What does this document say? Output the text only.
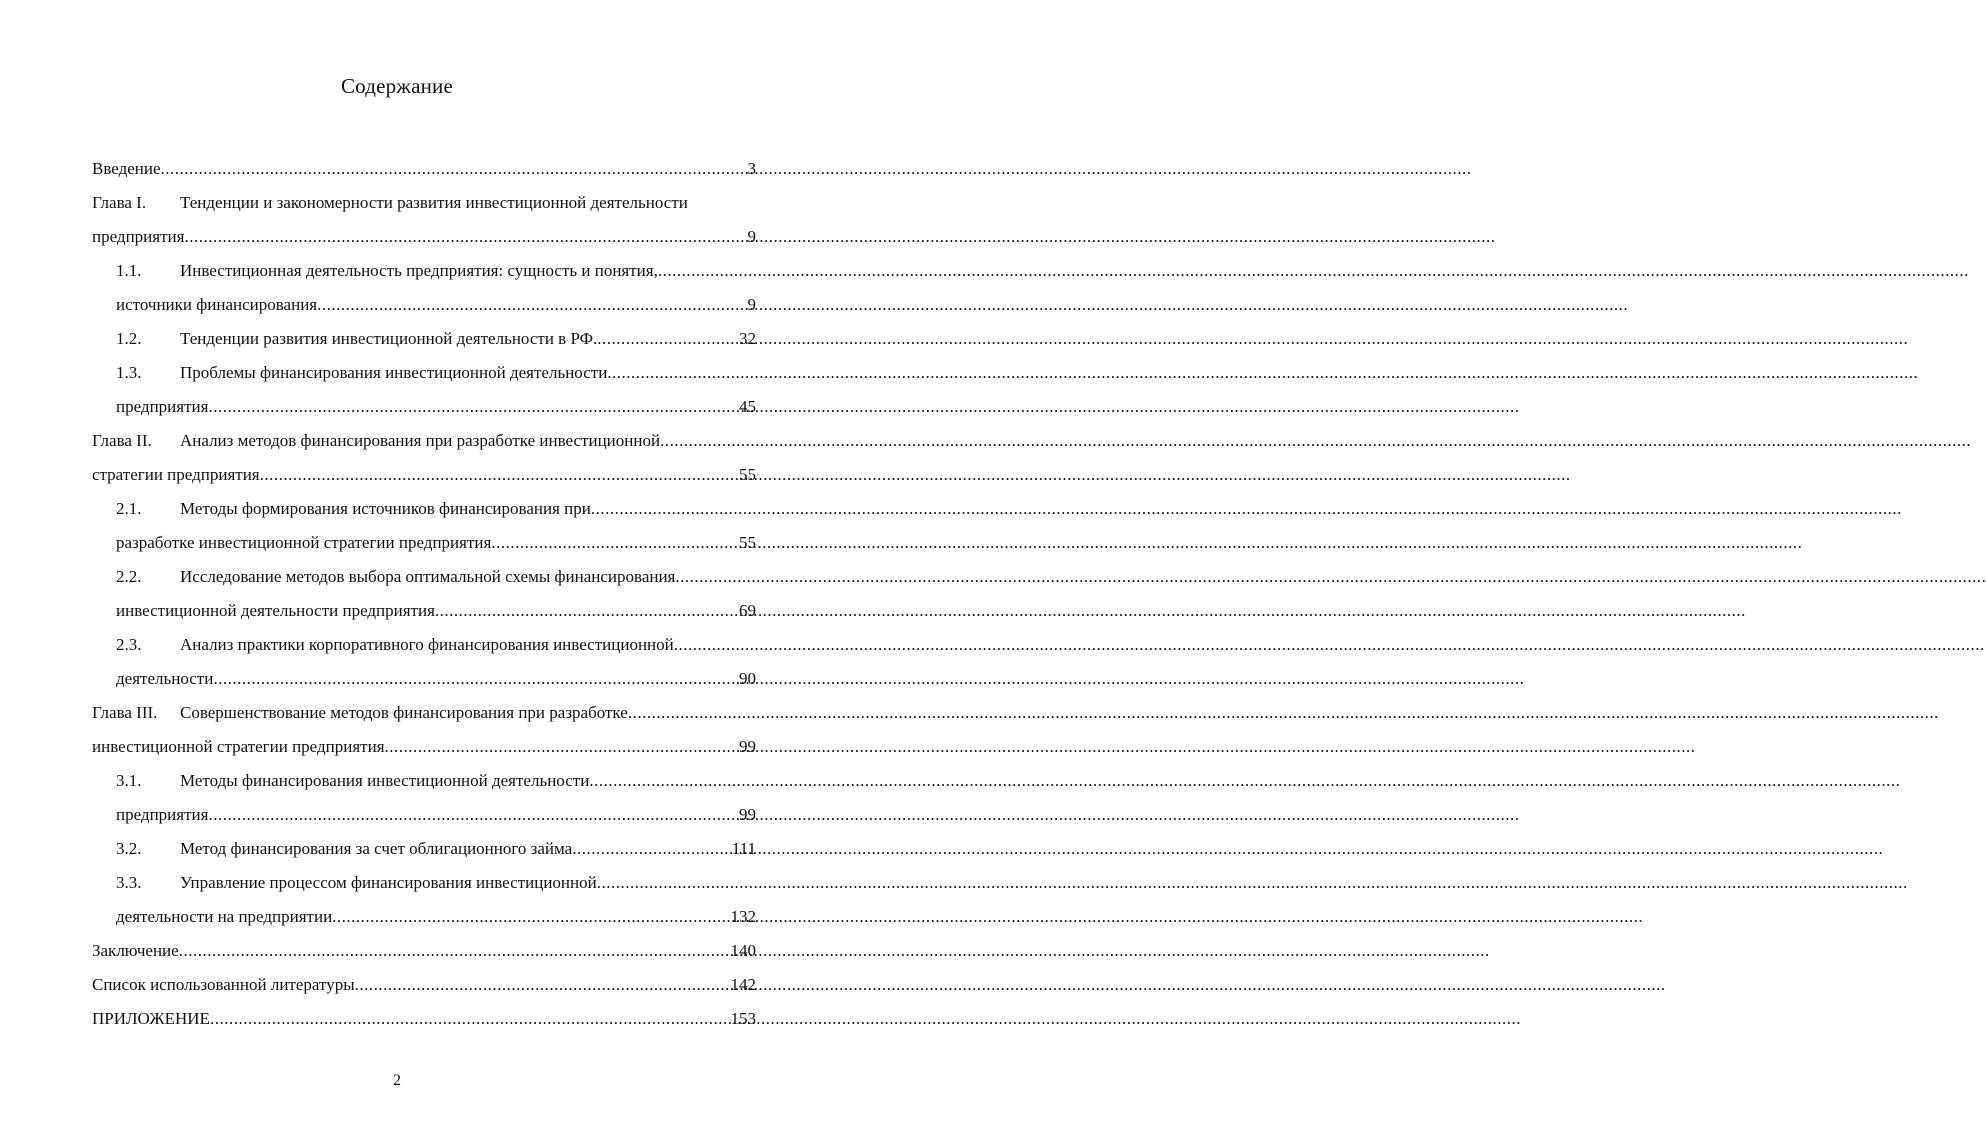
Содержание
Введение .....	3
Глава I.	Тенденции и закономерности развития инвестиционной деятельности
предприятия .....	9
1.1.	Инвестиционная деятельность предприятия: сущность и понятия,
.....
источники финансирования .....	9
1.2.	Тенденции развития инвестиционной деятельности в РФ. .....	32
1.3.	Проблемы финансирования инвестиционной деятельности
.....
предприятия .....	45
Глава II.	Анализ методов финансирования при разработке инвестиционной
.....
стратегии предприятия .....	55
2.1.	Методы формирования источников финансирования при
.....
разработке инвестиционной стратегии предприятия .....	55
2.2.	Исследование методов выбора оптимальной схемы финансирования
.....
инвестиционной деятельности предприятия .....	69
2.3.	Анализ практики корпоративного финансирования инвестиционной
.....
деятельности .....	90
Глава III.	Совершенствование методов финансирования при разработке
.....
инвестиционной стратегии предприятия .....	99
3.1.	Методы финансирования инвестиционной деятельности
.....
предприятия .....	99
3.2.	Метод финансирования за счет облигационного займа .....	111
3.3.	Управление процессом финансирования инвестиционной
.....
деятельности на предприятии .....	132
Заключение .....	140
Список использованной литературы .....	142
ПРИЛОЖЕНИЕ .....	153
2
